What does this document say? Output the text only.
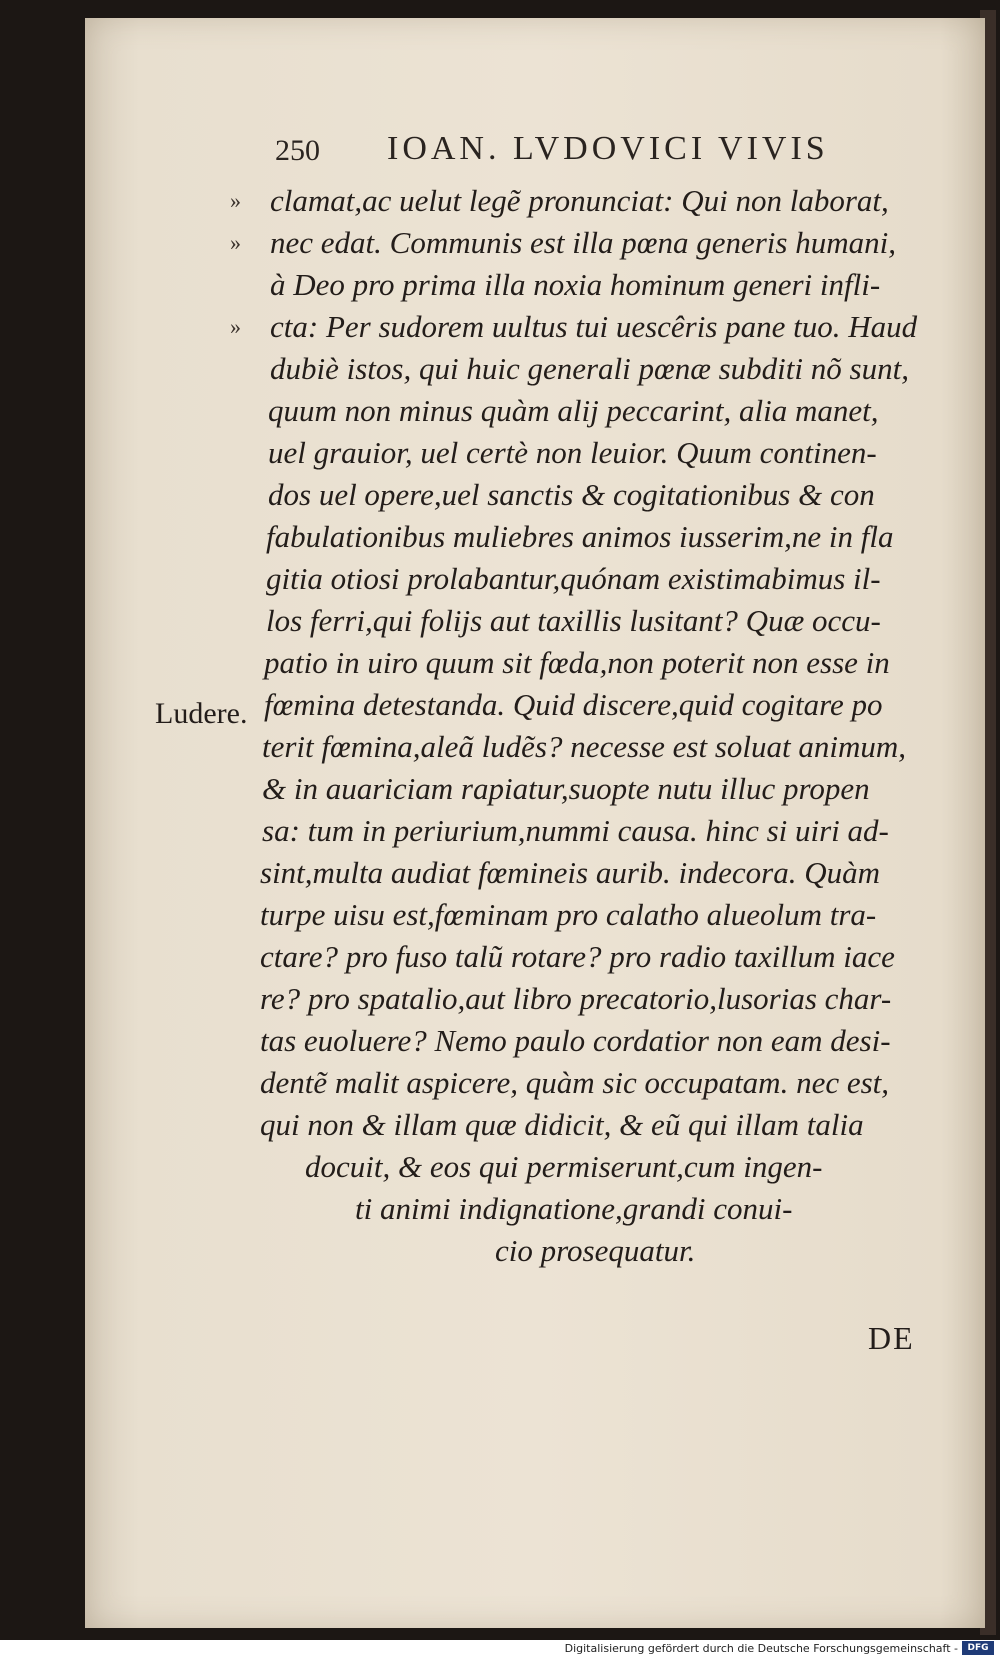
250 IOAN. LVDOVICI VIVIS
» clamat,ac uelut legẽ pronunciat: Qui non laborat,
» nec edat. Communis est illa pœna generis humani,
à Deo pro prima illa noxia hominum generi infli-
» cta: Per sudorem uultus tui uescêris pane tuo. Haud
dubiè istos, qui huic generali pœnæ subditi nõ sunt,
quum non minus quàm alij peccarint, alia manet,
uel grauior, uel certè non leuior. Quum continen-
dos uel opere,uel sanctis & cogitationibus & con
fabulationibus muliebres animos iusserim,ne in fla
gitia otiosi prolabantur,quónam existimabimus il-
los ferri,qui folijs aut taxillis lusitant? Quæ occu-
patio in uiro quum sit fœda,non poterit non esse in
fœmina detestanda. Quid discere,quid cogitare po
terit fœmina,aleã ludẽs? necesse est soluat animum,
& in auariciam rapiatur,suopte nutu illuc propen
sa: tum in periurium,nummi causa. hinc si uiri ad-
sint,multa audiat fœmineis aurib. indecora. Quàm
turpe uisu est,fœminam pro calatho alueolum tra-
ctare? pro fuso talũ rotare? pro radio taxillum iace
re? pro spatalio,aut libro precatorio,lusorias char-
tas euoluere? Nemo paulo cordatior non eam desi-
dentẽ malit aspicere, quàm sic occupatam. nec est,
qui non & illam quæ didicit, & eũ qui illam talia
docuit, & eos qui permiserunt,cum ingen-
ti animi indignatione,grandi conui-
cio prosequatur.
Ludere.
DE
Digitalisierung gefördert durch die Deutsche Forschungsgemeinschaft -	DFG
